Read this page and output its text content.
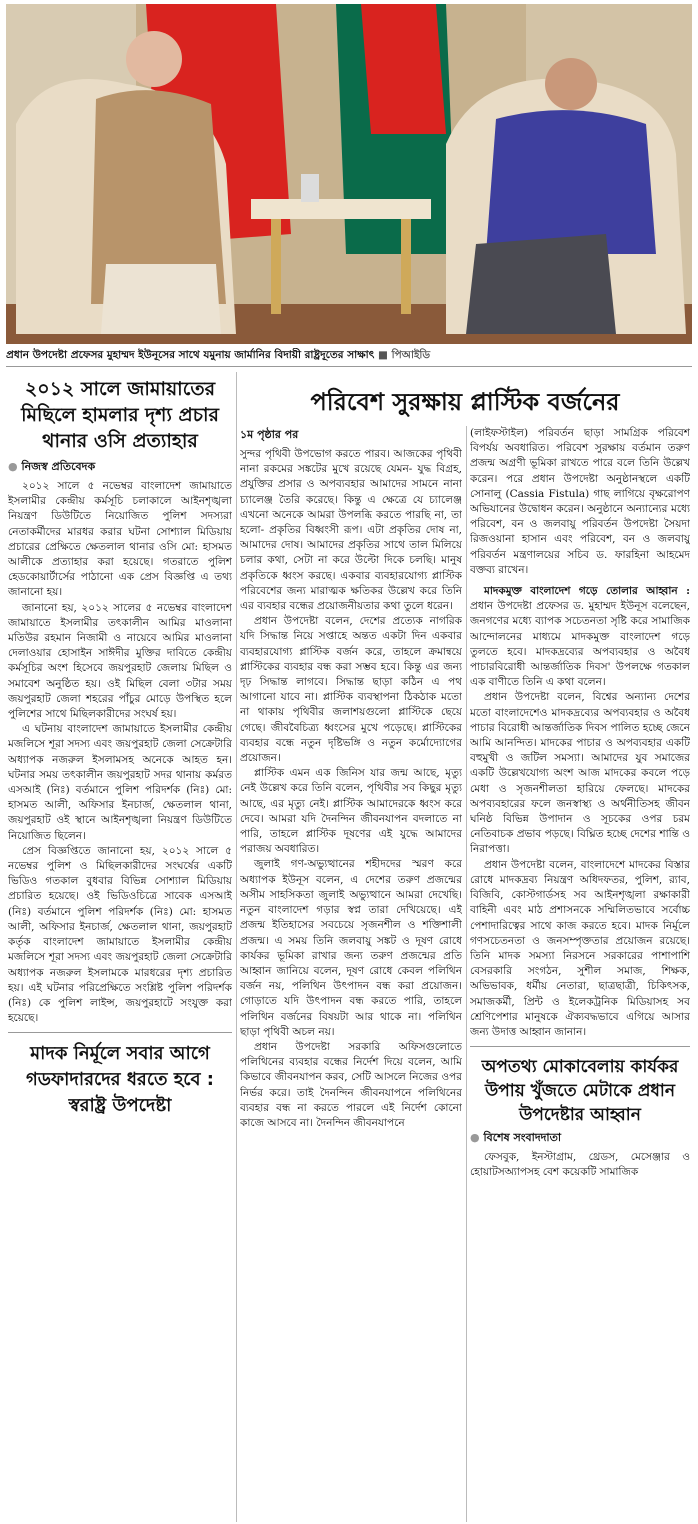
প্রধান উপদেষ্টা প্রফেসর মুহাম্মদ ইউনূসের সাথে যমুনায় জার্মানির বিদায়ী রাষ্ট্রদূতের সাক্ষাৎ ■ পিআইডি
পরিবেশ সুরক্ষায় প্লাস্টিক বর্জনের
২০১২ সালে জামায়াতের মিছিলে হামলার দৃশ্য প্রচার থানার ওসি প্রত্যাহার
● নিজস্ব প্রতিবেদক

২০১২ সালে ৫ নভেম্বর বাংলাদেশ জামায়াতে ইসলামীর কেন্দ্রীয় কর্মসূচি চলাকালে আইনশৃঙ্খলা নিয়ন্ত্রণ ডিউটিতে নিয়োজিত পুলিশ সদস্যরা নেতাকর্মীদের মারধর করার ঘটনা সোশ্যাল মিডিয়ায় প্রচারের প্রেক্ষিতে ক্ষেতলাল থানার ওসি মো: হাসমত আলীকে প্রত্যাহার করা হয়েছে। গতরাতে পুলিশ হেডকোয়ার্টার্সের পাঠানো এক প্রেস বিজ্ঞপ্তি এ তথ্য জানানো হয়।

জানানো হয়, ২০১২ সালের ৫ নভেম্বর বাংলাদেশ জামায়াতে ইসলামীর তৎকালীন আমির মাওলানা মতিউর রহমান নিজামী ও নায়েবে আমির মাওলানা দেলাওয়ার হোসাইন সাঈদীর মুক্তির দাবিতে কেন্দ্রীয় কর্মসূচির অংশ হিসেবে জয়পুরহাট জেলায় মিছিল ও সমাবেশ অনুষ্ঠিত হয়। ওই মিছিল বেলা ৩টার সময় জয়পুরহাট জেলা শহরের পাঁচুর মোড়ে উপস্থিত হলে পুলিশের সাথে মিছিলকারীদের সংঘর্ষ হয়।

এ ঘটনায় বাংলাদেশ জামায়াতে ইসলামীর কেন্দ্রীয় মজলিসে শূরা সদস্য এবং জয়পুরহাট জেলা সেক্রেটারি অধ্যাপক নজরুল ইসলামসহ অনেকে আহত হন। ঘটনার সময় তৎকালীন জয়পুরহাট সদর থানায় কর্মরত এসআই (নিঃ) বর্তমানে পুলিশ পরিদর্শক (নিঃ) মো: হাসমত আলী, অফিসার ইনচার্জ, ক্ষেতলাল থানা, জয়পুরহাট ওই স্থানে আইনশৃঙ্খলা নিয়ন্ত্রণ ডিউটিতে নিয়োজিত ছিলেন।

প্রেস বিজ্ঞপ্তিতে জানানো হয়, ২০১২ সালে ৫ নভেম্বর পুলিশ ও মিছিলকারীদের সংঘর্ষের একটি ভিডিও গতকাল বুধবার বিভিন্ন সোশ্যাল মিডিয়ায় প্রচারিত হয়েছে। ওই ভিডিওচিত্রে সাবেক এসআই (নিঃ) বর্তমানে পুলিশ পরিদর্শক (নিঃ) মো: হাসমত আলী, অফিসার ইনচার্জ, ক্ষেতলাল থানা, জয়পুরহাট কর্তৃক বাংলাদেশ জামায়াতে ইসলামীর কেন্দ্রীয় মজলিসে শূরা সদস্য এবং জয়পুরহাট জেলা সেক্রেটারি অধ্যাপক নজরুল ইসলামকে মারধরের দৃশ্য প্রচারিত হয়। এই ঘটনার পরিপ্রেক্ষিতে সংশ্লিষ্ট পুলিশ পরিদর্শক (নিঃ) কে পুলিশ লাইন্স, জয়পুরহাটে সংযুক্ত করা হয়েছে।

মাদক নির্মূলে সবার আগে গডফাদারদের ধরতে হবে : স্বরাষ্ট্র উপদেষ্টা
১ম পৃষ্ঠার পর

সুন্দর পৃথিবী উপভোগ করতে পারব। আজকের পৃথিবী নানা রকমের সঙ্কটের মুখে রয়েছে যেমন- যুদ্ধ বিগ্রহ, প্রযুক্তির প্রসার ও অপব্যবহার আমাদের সামনে নানা চ্যালেঞ্জ তৈরি করেছে। কিন্তু এ ক্ষেত্রে যে চ্যালেঞ্জ এখনো অনেকে আমরা উপলব্ধি করতে পারছি না, তা হলো- প্রকৃতির বিধ্বংসী রূপ। এটা প্রকৃতির দোষ না, আমাদের দোষ। আমাদের প্রকৃতির সাথে তাল মিলিয়ে চলার কথা, সেটা না করে উল্টো দিকে চলছি। মানুষ প্রকৃতিকে ধ্বংস করছে। একবার ব্যবহারযোগ্য প্লাস্টিক পরিবেশের জন্য মারাত্মক ক্ষতিকর উল্লেখ করে তিনি এর ব্যবহার বন্ধের প্রয়োজনীয়তার কথা তুলে ধরেন।

প্রধান উপদেষ্টা বলেন, দেশের প্রত্যেক নাগরিক যদি সিদ্ধান্ত নিয়ে সপ্তাহে অন্তত একটা দিন একবার ব্যবহারযোগ্য প্লাস্টিক বর্জন করে, তাহলে ক্রমান্বয়ে প্লাস্টিকের ব্যবহার বন্ধ করা সম্ভব হবে। কিন্তু এর জন্য দৃঢ় সিদ্ধান্ত লাগবে। সিদ্ধান্ত ছাড়া কঠিন এ পথ আগানো যাবে না। প্লাস্টিক ব্যবস্থাপনা ঠিকঠাক মতো না থাকায় পৃথিবীর জলাশয়গুলো প্লাস্টিকে ছেয়ে গেছে। জীববৈচিত্র্য ধ্বংসের মুখে পড়েছে। প্লাস্টিকের ব্যবহার বন্ধে নতুন দৃষ্টিভঙ্গি ও নতুন কর্মোদ্যোগের প্রয়োজন।

প্লাস্টিক এমন এক জিনিস যার জন্ম আছে, মৃত্যু নেই উল্লেখ করে তিনি বলেন, পৃথিবীর সব কিছুর মৃত্যু আছে, এর মৃত্যু নেই। প্লাস্টিক আমাদেরকে ধ্বংস করে দেবে। আমরা যদি দৈনন্দিন জীবনযাপন বদলাতে না পারি, তাহলে প্লাস্টিক দূষণের এই যুদ্ধে আমাদের পরাজয় অবধারিত।

জুলাই গণ-অভ্যুত্থানের শহীদদের স্মরণ করে অধ্যাপক ইউনূস বলেন, এ দেশের তরুণ প্রজন্মের অসীম সাহসিকতা জুলাই অভ্যুত্থানে আমরা দেখেছি। নতুন বাংলাদেশ গড়ার স্বপ্ন তারা দেখিয়েছে। এই প্রজন্ম ইতিহাসের সবচেয়ে সৃজনশীল ও শক্তিশালী প্রজন্ম। এ সময় তিনি জলবায়ু সঙ্কট ও দূষণ রোধে কার্যকর ভূমিকা রাখার জন্য তরুণ প্রজন্মের প্রতি আহ্বান জানিয়ে বলেন, দূষণ রোধে কেবল পলিথিন বর্জন নয়, পলিথিন উৎপাদন বন্ধ করা প্রয়োজন। গোড়াতে যদি উৎপাদন বন্ধ করতে পারি, তাহলে পলিথিন বর্জনের বিষয়টা আর থাকে না। পলিথিন ছাড়া পৃথিবী অচল নয়।

প্রধান উপদেষ্টা সরকারি অফিসগুলোতে পলিথিনের ব্যবহার বন্ধের নির্দেশ দিয়ে বলেন, আমি কিভাবে জীবনযাপন করব, সেটি আসলে নিজের ওপর নির্ভর করে। তাই দৈনন্দিন জীবনযাপনে পলিথিনের ব্যবহার বন্ধ না করতে পারলে এই নির্দেশ কোনো কাজে আসবে না। দৈনন্দিন জীবনযাপনে

(লাইফস্টাইল) পরিবর্তন ছাড়া সামগ্রিক পরিবেশ বিপর্যয় অবধারিত। পরিবেশ সুরক্ষায় বর্তমান তরুণ প্রজন্ম অগ্রণী ভূমিকা রাখতে পারে বলে তিনি উল্লেখ করেন। পরে প্রধান উপদেষ্টা অনুষ্ঠানস্থলে একটি সোনালু (Cassia Fistula) গাছ লাগিয়ে বৃক্ষরোপণ অভিযানের উদ্বোধন করেন। অনুষ্ঠানে অন্যান্যের মধ্যে পরিবেশ, বন ও জলবায়ু পরিবর্তন উপদেষ্টা সৈয়দা রিজওয়ানা হাসান এবং পরিবেশ, বন ও জলবায়ু পরিবর্তন মন্ত্রণালয়ের সচিব ড. ফারহিনা আহমেদ বক্তব্য রাখেন।

মাদকমুক্ত বাংলাদেশ গড়ে তোলার আহ্বান : প্রধান উপদেষ্টা প্রফেসর ড. মুহাম্মদ ইউনূস বলেছেন, জনগণের মধ্যে ব্যাপক সচেতনতা সৃষ্টি করে সামাজিক আন্দোলনের মাধ্যমে মাদকমুক্ত বাংলাদেশ গড়ে তুলতে হবে। মাদকদ্রব্যের অপব্যবহার ও অবৈধ পাচারবিরোধী আন্তর্জাতিক দিবস' উপলক্ষে গতকাল এক বাণীতে তিনি এ কথা বলেন।

প্রধান উপদেষ্টা বলেন, বিশ্বের অন্যান্য দেশের মতো বাংলাদেশেও মাদকদ্রব্যের অপব্যবহার ও অবৈধ পাচার বিরোধী আন্তর্জাতিক দিবস পালিত হচ্ছে জেনে আমি আনন্দিত। মাদকের পাচার ও অপব্যবহার একটি বহুমুখী ও জটিল সমস্যা। আমাদের যুব সমাজের একটি উল্লেখযোগ্য অংশ আজ মাদকের কবলে পড়ে মেধা ও সৃজনশীলতা হারিয়ে ফেলছে। মাদকের অপব্যবহারের ফলে জনস্বাস্থ্য ও অর্থনীতিসহ জীবন ঘনিষ্ঠ বিভিন্ন উপাদান ও সূচকের ওপর চরম নেতিবাচক প্রভাব পড়ছে। বিঘ্নিত হচ্ছে দেশের শান্তি ও নিরাপত্তা।

প্রধান উপদেষ্টা বলেন, বাংলাদেশে মাদকের বিস্তার রোধে মাদকদ্রব্য নিয়ন্ত্রণ অধিদফতর, পুলিশ, র‍্যাব, বিজিবি, কোস্টগার্ডসহ সব আইনশৃঙ্খলা রক্ষাকারী বাহিনী এবং মাঠ প্রশাসনকে সম্মিলিতভাবে সর্বোচ্চ পেশাদারিত্বের সাথে কাজ করতে হবে। মাদক নির্মূলে গণসচেতনতা ও জনসম্পৃক্ততার প্রয়োজন রয়েছে। তিনি মাদক সমস্যা নিরসনে সরকারের পাশাপাশি বেসরকারি সংগঠন, সুশীল সমাজ, শিক্ষক, অভিভাবক, ধর্মীয় নেতারা, ছাত্রছাত্রী, চিকিৎসক, সমাজকর্মী, প্রিন্ট ও ইলেকট্রনিক মিডিয়াসহ সব শ্রেণিপেশার মানুষকে ঐক্যবদ্ধভাবে এগিয়ে আসার জন্য উদাত্ত আহ্বান জানান।

অপতথ্য মোকাবেলায় কার্যকর উপায় খুঁজতে মেটাকে প্রধান উপদেষ্টার আহ্বান
● বিশেষ সংবাদদাতা

ফেসবুক, ইনস্টাগ্রাম, থ্রেডস, মেসেঞ্জার ও হোয়াটসঅ্যাপসহ বেশ কয়েকটি সামাজিক
